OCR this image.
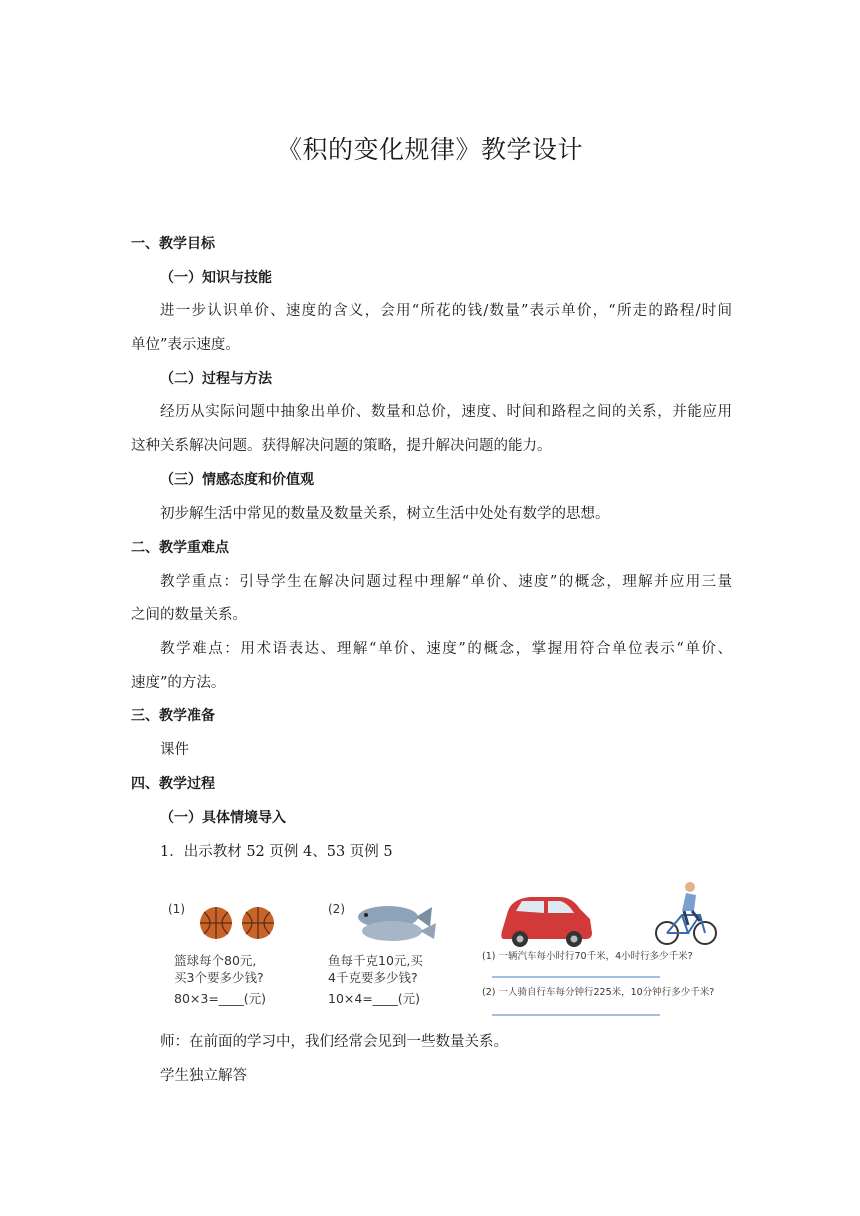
《积的变化规律》教学设计
一、教学目标
（一）知识与技能
进一步认识单价、速度的含义，会用“所花的钱/数量”表示单价，“所走的路程/时间
单位”表示速度。
（二）过程与方法
经历从实际问题中抽象出单价、数量和总价，速度、时间和路程之间的关系，并能应用
这种关系解决问题。获得解决问题的策略，提升解决问题的能力。
（三）情感态度和价值观
初步解生活中常见的数量及数量关系，树立生活中处处有数学的思想。
二、教学重难点
教学重点：引导学生在解决问题过程中理解“单价、速度”的概念，理解并应用三量
之间的数量关系。
教学难点：用术语表达、理解“单价、速度”的概念，掌握用符合单位表示“单价、
速度”的方法。
三、教学准备
课件
四、教学过程
（一）具体情境导入
1．出示教材 52 页例 4、53 页例 5
(1)
篮球每个80元,
买3个要多少钱?
80×3=____(元)
(2)
鱼每千克10元,买
4千克要多少钱?
10×4=____(元)
(1) 一辆汽车每小时行70千米，4小时行多少千米?
(2) 一人骑自行车每分钟行225米，10分钟行多少千米?
师：在前面的学习中，我们经常会见到一些数量关系。
学生独立解答
